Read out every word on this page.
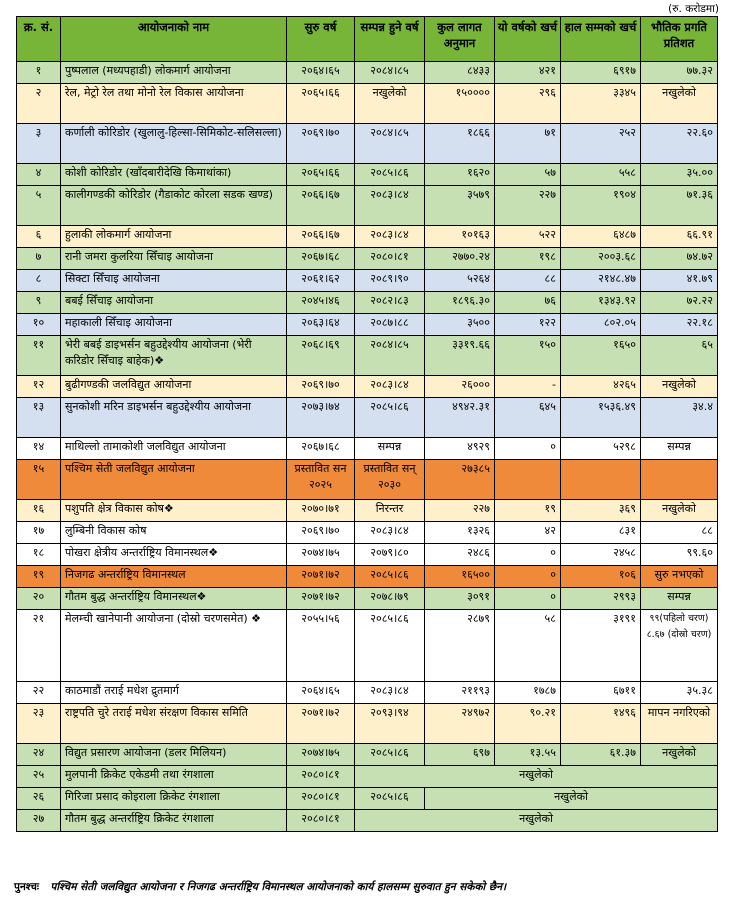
(रु. करोडमा)
क्र. सं.	आयोजनाको नाम	सुरु वर्ष	सम्पन्न हुने वर्ष	कुल लागत अनुमान	यो वर्षको खर्च	हाल सम्मको खर्च	भौतिक प्रगति प्रतिशत
१	पुष्पलाल (मध्यपहाडी) लोकमार्ग आयोजना	२०६४।६५	२०८४।८५	८४३३	४२१	६९१७	७७.३२
२	रेल, मेट्रो रेल तथा मोनो रेल विकास आयोजना	२०६५।६६	नखुलेको	१५००००	२९६	३३४५	नखुलेको
३	कर्णाली कोरिडोर (खुलालु-हिल्सा-सिमिकोट-सलिसल्ला)	२०६९।७०	२०८४।८५	१८६६	७१	२५२	२२.६०
४	कोशी कोरिडोर (खाँदबारीदेखि किमाथांका)	२०६५।६६	२०८५।८६	१६२०	५७	५५८	३५.००
५	कालीगण्डकी कोरिडोर (गैडाकोट कोरला सडक खण्ड)	२०६६।६७	२०८३।८४	३५७९	२२७	१९०४	७१.३६
६	हुलाकी लोकमार्ग आयोजना	२०६६।६७	२०८३।८४	१०१६३	५२२	६४८७	६६.९१
७	रानी जमरा कुलरिया सिँचाइ आयोजना	२०६७।६८	२०८०।८१	२७७०.२४	१९८	२००३.६८	७४.७२
८	सिक्टा सिँचाइ आयोजना	२०६१।६२	२०८९।९०	५२६४	८८	२१४८.४७	४१.७९
९	बबई सिँचाइ आयोजना	२०४५।४६	२०८२।८३	१८९६.३०	७६	१३४३.९२	७२.२२
१०	महाकाली सिँचाइ आयोजना	२०६३।६४	२०८७।८८	३५००	१२२	८०२.०५	२२.१८
११	भेरी बबई डाइभर्सन बहुउद्देश्यीय आयोजना (भेरी करिडोर सिँचाइ बाहेक)❖	२०६८।६९	२०८४।८५	३३१९.६६	१५०	१६५०	६५
१२	बुढीगण्डकी जलविद्युत आयोजना	२०६९।७०	२०८३।८४	२६०००	-	४२६५	नखुलेको
१३	सुनकोशी मरिन डाइभर्सन बहुउद्देश्यीय आयोजना	२०७३।७४	२०८५।८६	४९४२.३१	६४५	१५३६.४९	३४.४
१४	माथिल्लो तामाकोशी जलविद्युत आयोजना	२०६७।६८	सम्पन्न	४९२९	०	५२९८	सम्पन्न
१५	पश्चिम सेती जलविद्युत आयोजना	प्रस्तावित सन २०२५	प्रस्तावित सन् २०३०	२७३८५			
१६	पशुपति क्षेत्र विकास कोष❖	२०७०।७१	निरन्तर	२२७	१९	३६९	नखुलेको
१७	लुम्बिनी विकास कोष	२०६९।७०	२०८३।८४	१३२६	४२	८३१	८८
१८	पोखरा क्षेत्रीय अन्तर्राष्ट्रिय विमानस्थल❖	२०७४।७५	२०७९।८०	२४८६	०	२४५८	९९.६०
१९	निजगढ अन्तर्राष्ट्रिय विमानस्थल	२०७१।७२	२०८५।८६	१६५००	०	१०६	सुरु नभएको
२०	गौतम बुद्ध अन्तर्राष्ट्रिय विमानस्थल❖	२०७१।७२	२०७८।७९	३०९१	०	२९९३	सम्पन्न
२१	मेलम्ची खानेपानी आयोजना (दोस्रो चरणसमेत) ❖	२०५५।५६	२०८५।८६	२८७९	५८	३१९१	९९(पहिलो चरण) ८.६७ (दोस्रो चरण)
२२	काठमाडौं तराई मधेश द्रुतमार्ग	२०६४।६५	२०८३।८४	२११९३	१७८७	६७११	३५.३८
२३	राष्ट्रपति चुरे तराई मधेश संरक्षण विकास समिति	२०७१।७२	२०९३।९४	२४९७२	९०.२१	१४९६	मापन नगरिएको
२४	विद्युत प्रसारण आयोजना (डलर मिलियन)	२०७४।७५	२०८५।८६	६९७	१३.५५	६१.३७	नखुलेको
२५	मुलपानी क्रिकेट एकेडमी तथा रंगशाला	२०८०।८१	नखुलेको				
२६	गिरिजा प्रसाद कोइराला क्रिकेट रंगशाला	२०८०।८१	२०८५।८६	नखुलेको			
२७	गौतम बुद्ध अन्तर्राष्ट्रिय क्रिकेट रंगशाला	२०८०।८१	नखुलेको				
पुनश्चः पश्चिम सेती जलविद्युत आयोजना र निजगढ अन्तर्राष्ट्रिय विमानस्थल आयोजनाको कार्य हालसम्म सुरुवात हुन सकेको छैन।
